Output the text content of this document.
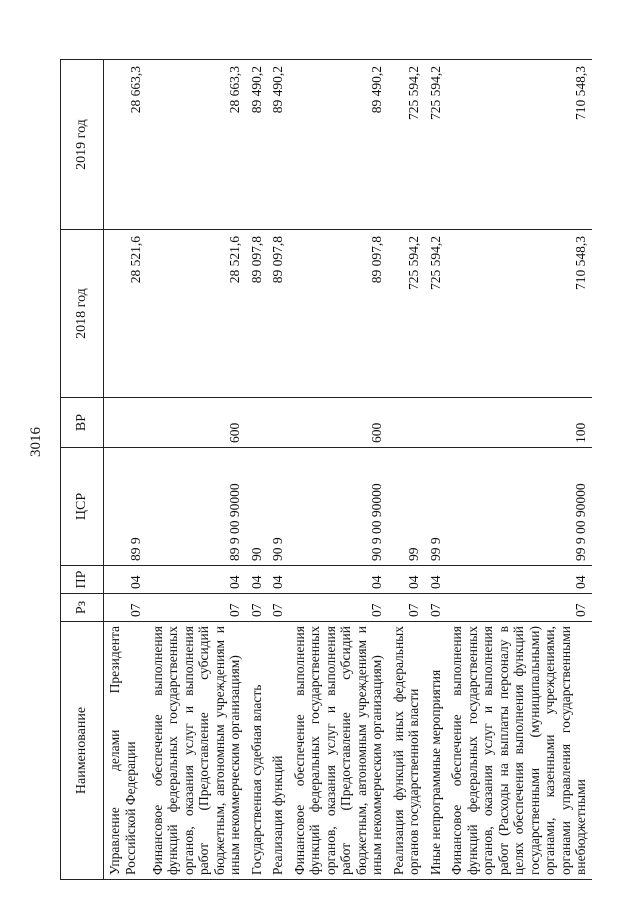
3016
Наименование	Рз	ПР	ЦСР	ВР	2018 год	2019 год
Управление делами Президента Российской Федерации	07	04	89 9		28 521,6	28 663,3
Финансовое обеспечение выполнения функций федеральных государственных органов, оказания услуг и выполнения работ (Предоставление субсидий бюджетным, автономным учреждениям и иным некоммерческим организациям)	07	04	89 9 00 90000	600	28 521,6	28 663,3
Государственная судебная власть	07	04	90		89 097,8	89 490,2
Реализация функций	07	04	90 9		89 097,8	89 490,2
Финансовое обеспечение выполнения функций федеральных государственных органов, оказания услуг и выполнения работ (Предоставление субсидий бюджетным, автономным учреждениям и иным некоммерческим организациям)	07	04	90 9 00 90000	600	89 097,8	89 490,2
Реализация функций иных федеральных органов государственной власти	07	04	99		725 594,2	725 594,2
Иные непрограммные мероприятия	07	04	99 9		725 594,2	725 594,2
Финансовое обеспечение выполнения функций федеральных государственных органов, оказания услуг и выполнения работ (Расходы на выплаты персоналу в целях обеспечения выполнения функций государственными (муниципальными) органами, казенными учреждениями, органами управления государственными внебюджетными	07	04	99 9 00 90000	100	710 548,3	710 548,3
